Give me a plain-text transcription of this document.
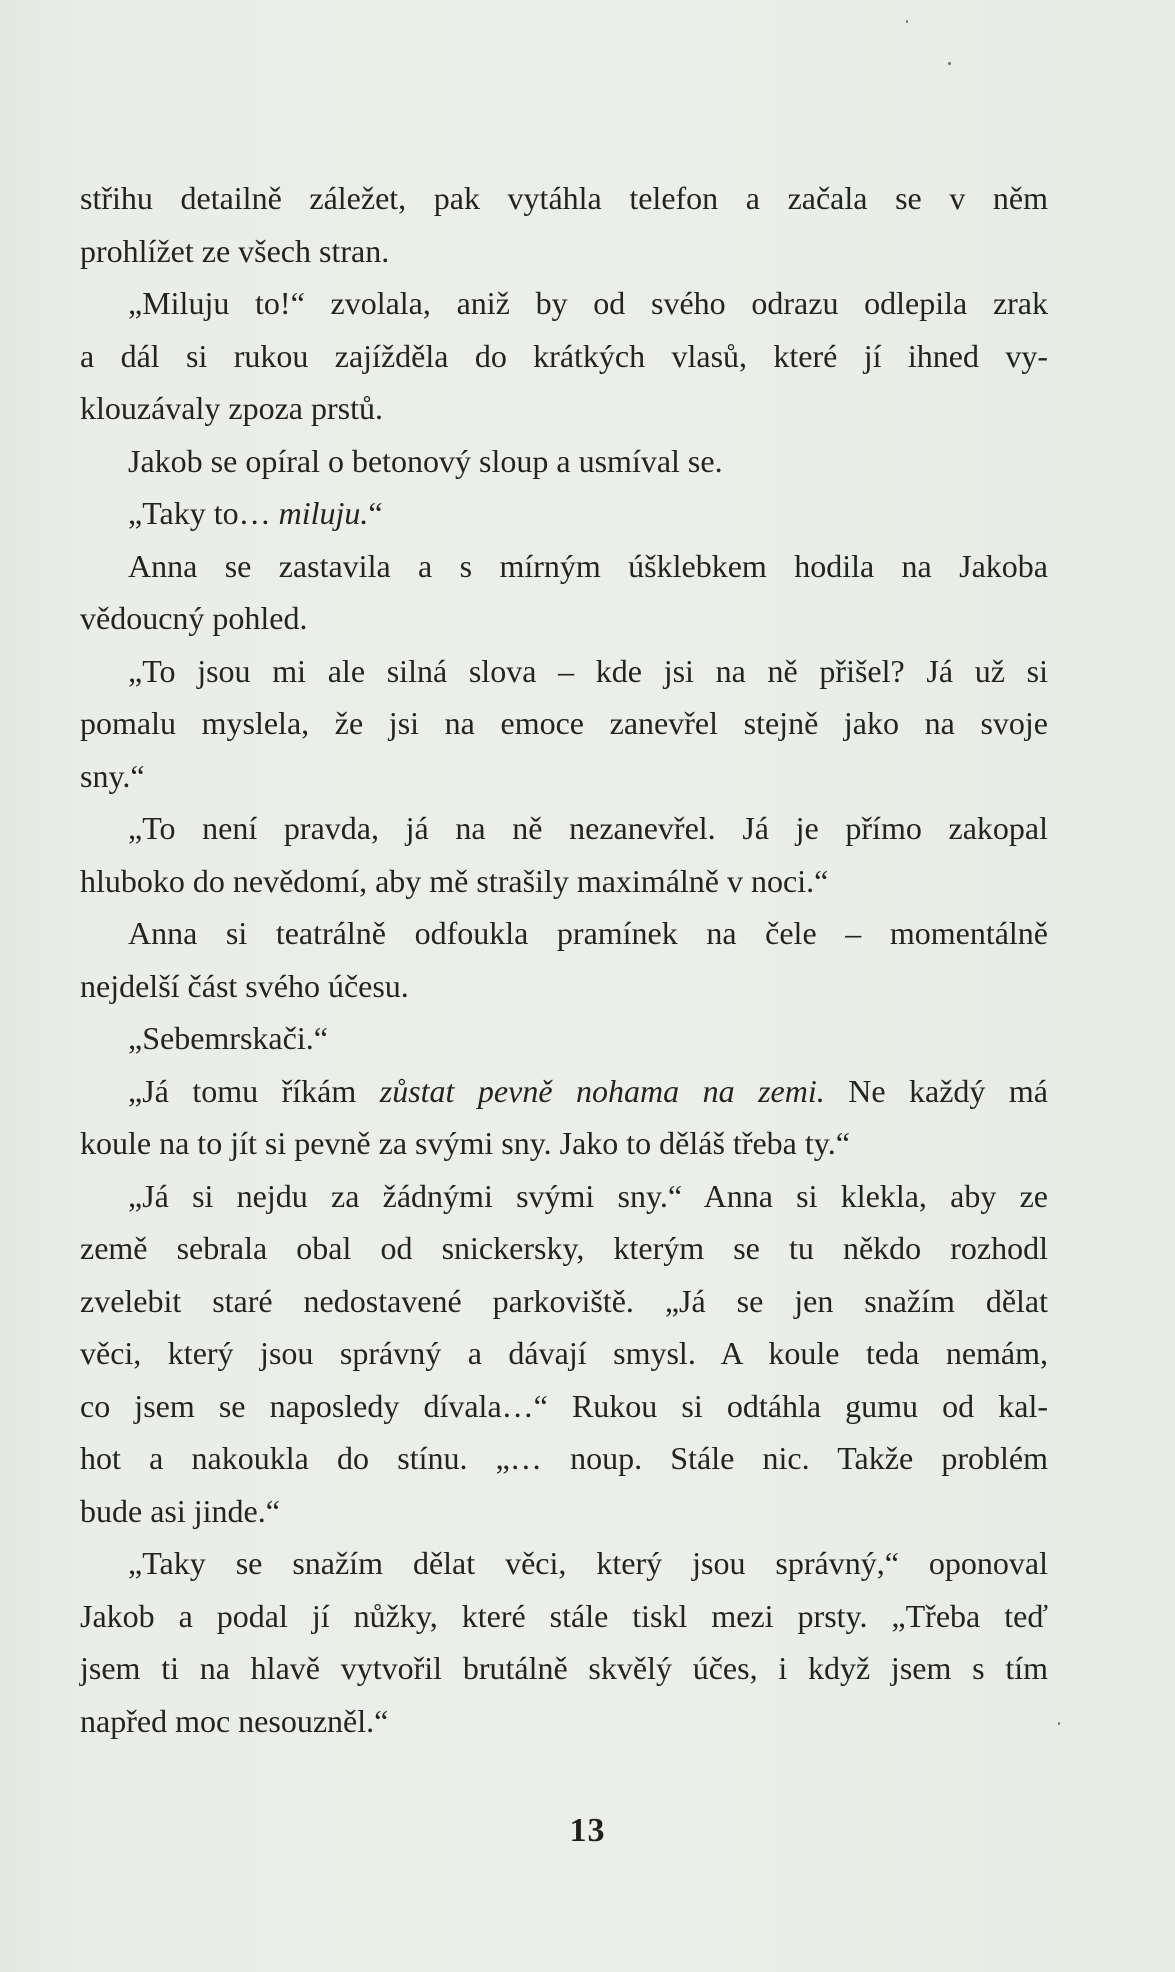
střihu detailně záležet, pak vytáhla telefon a začala se v něm
prohlížet ze všech stran.
„Miluju to!“ zvolala, aniž by od svého odrazu odlepila zrak
a dál si rukou zajížděla do krátkých vlasů, které jí ihned vy-
klouzávaly zpoza prstů.
Jakob se opíral o betonový sloup a usmíval se.
„Taky to… miluju.“
Anna se zastavila a s mírným úšklebkem hodila na Jakoba
vědoucný pohled.
„To jsou mi ale silná slova – kde jsi na ně přišel? Já už si
pomalu myslela, že jsi na emoce zanevřel stejně jako na svoje
sny.“
„To není pravda, já na ně nezanevřel. Já je přímo zakopal
hluboko do nevědomí, aby mě strašily maximálně v noci.“
Anna si teatrálně odfoukla pramínek na čele – momentálně
nejdelší část svého účesu.
„Sebemrskači.“
„Já tomu říkám zůstat pevně nohama na zemi. Ne každý má
koule na to jít si pevně za svými sny. Jako to děláš třeba ty.“
„Já si nejdu za žádnými svými sny.“ Anna si klekla, aby ze
země sebrala obal od snickersky, kterým se tu někdo rozhodl
zvelebit staré nedostavené parkoviště. „Já se jen snažím dělat
věci, který jsou správný a dávají smysl. A koule teda nemám,
co jsem se naposledy dívala…“ Rukou si odtáhla gumu od kal-
hot a nakoukla do stínu. „… noup. Stále nic. Takže problém
bude asi jinde.“
„Taky se snažím dělat věci, který jsou správný,“ oponoval
Jakob a podal jí nůžky, které stále tiskl mezi prsty. „Třeba teď
jsem ti na hlavě vytvořil brutálně skvělý účes, i když jsem s tím
napřed moc nesouzněl.“
13
